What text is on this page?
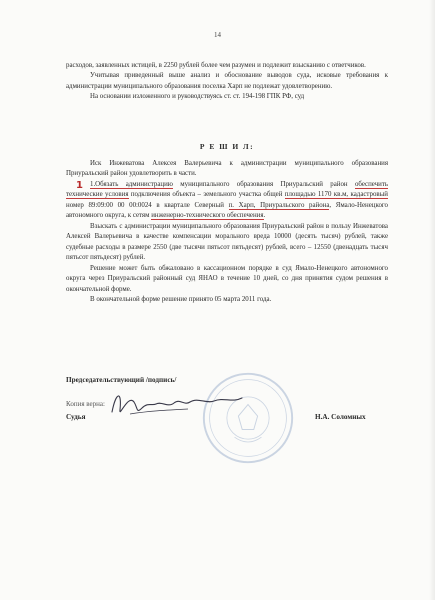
14

расходов, заявленных истицей, в 2250 рублей более чем разумен и подлежит взысканию с ответчиков.

Учитывая приведенный выше анализ и обоснование выводов суда, исковые требования к администрации муниципального образования поселка Харп не подлежат удовлетворению.

На основании изложенного и руководствуясь ст. ст. 194-198 ГПК РФ, суд

Р Е Ш И Л:

Иск Инжеватова Алексея Валерьевича к администрации муниципального образования Приуральский район удовлетворить в части.

1.Обязать администрацию муниципального образования Приуральский район обеспечить технические условия подключения объекта – земельного участка общей площадью 1170 кв.м, кадастровый номер 89:09:00 00 00:0024 в квартале Северный п. Харп, Приуральского района, Ямало-Ненецкого автономного округа, к сетям инженерно-технического обеспечения.

Взыскать с администрации муниципального образования Приуральский район в пользу Инжеватова Алексей Валерьевича в качестве компенсации морального вреда 10000 (десять тысяч) рублей, также судебные расходы в размере 2550 (две тысячи пятьсот пятьдесят) рублей, всего – 12550 (двенадцать тысяч пятьсот пятьдесят) рублей.

Решение может быть обжаловано в кассационном порядке в суд Ямало-Ненецкого автономного округа через Приуральский районный суд ЯНАО в течение 10 дней, со дня принятия судом решения в окончательной форме.

В окончательной форме решение принято 05 марта 2011 года.

1
Председательствующий /подпись/
Копия верна:
Судья	Н.А. Соломных
